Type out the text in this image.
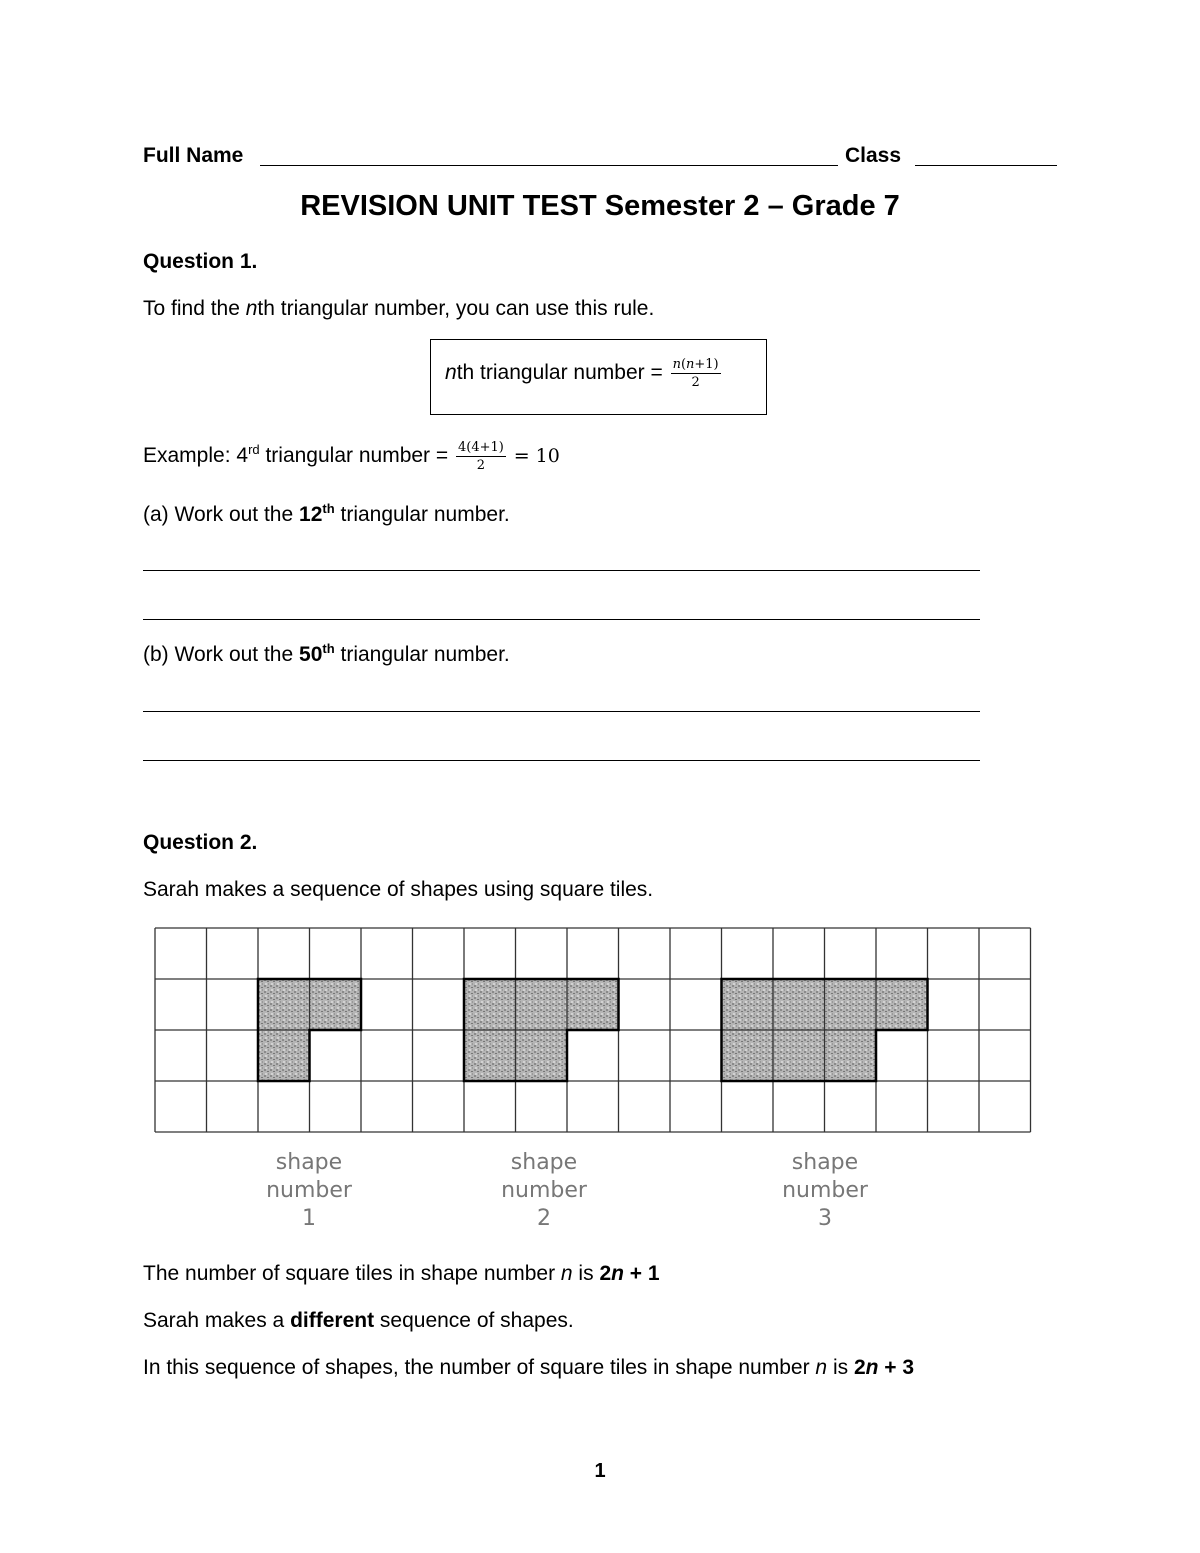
Full Name	Class
REVISION UNIT TEST Semester 2 – Grade 7
Question 1.
To find the nth triangular number, you can use this rule.
nth triangular number = $\frac{\text{𝑛(𝑛+1)}}{2}$
Example: 4rd triangular number = $\frac{4(4+1)}{2} = 10$
(a) Work out the 12th triangular number.
(b) Work out the 50th triangular number.
Question 2.
Sarah makes a sequence of shapes using square tiles.
shape
number
1
shape
number
2
shape
number
3
The number of square tiles in shape number n is 2n + 1
Sarah makes a different sequence of shapes.
In this sequence of shapes, the number of square tiles in shape number n is 2n + 3
1
